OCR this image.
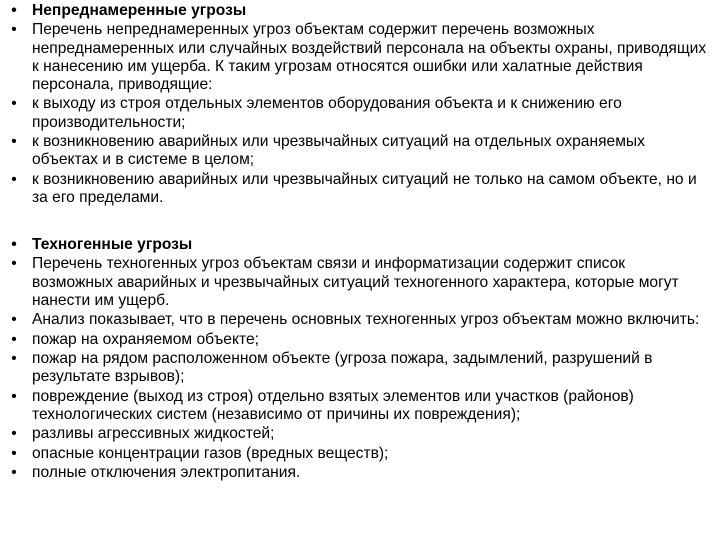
• Непреднамеренные угрозы
• Перечень непреднамеренных угроз объектам содержит перечень возможных непреднамеренных или случайных воздействий персонала на объекты охраны, приводящих к нанесению им ущерба. К таким угрозам относятся ошибки или халатные действия персонала, приводящие:
• к выходу из строя отдельных элементов оборудования объекта и к снижению его производительности;
• к возникновению аварийных или чрезвычайных ситуаций на отдельных охраняемых объектах и в системе в целом;
• к возникновению аварийных или чрезвычайных ситуаций не только на самом объекте, но и за его пределами.
• Техногенные угрозы
• Перечень техногенных угроз объектам связи и информатизации содержит список возможных аварийных и чрезвычайных ситуаций техногенного характера, которые могут нанести им ущерб.
• Анализ показывает, что в перечень основных техногенных угроз объектам можно включить:
• пожар на охраняемом объекте;
• пожар на рядом расположенном объекте (угроза пожара, задымлений, разрушений в результате взрывов);
• повреждение (выход из строя) отдельно взятых элементов или участков (районов) технологических систем (независимо от причины их повреждения);
• разливы агрессивных жидкостей;
• опасные концентрации газов (вредных веществ);
• полные отключения электропитания.
